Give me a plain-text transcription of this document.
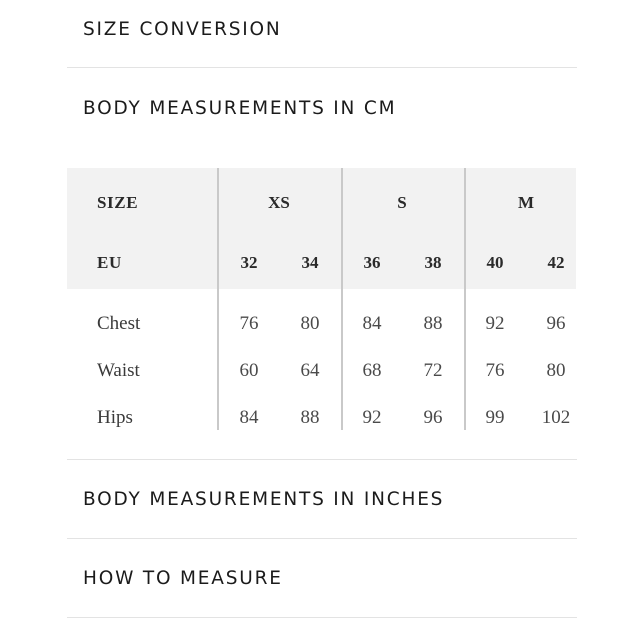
SIZE CONVERSION
BODY MEASUREMENTS IN CM
SIZE	XS	S	M
EU	32	34	36	38	40	42
Chest	76	80	84	88	92	96
Waist	60	64	68	72	76	80
Hips	84	88	92	96	99	102
BODY MEASUREMENTS IN INCHES
HOW TO MEASURE
